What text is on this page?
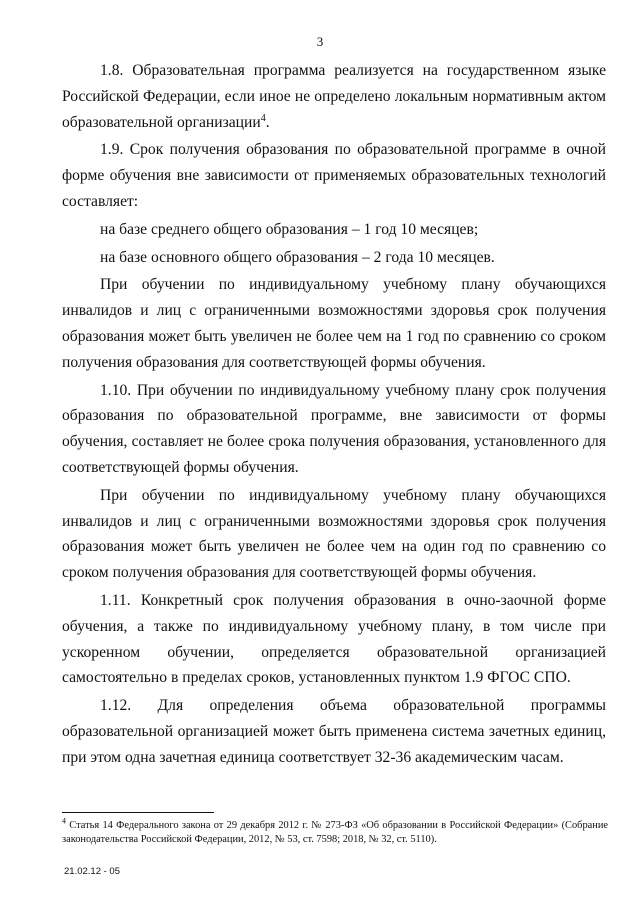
3

1.8. Образовательная программа реализуется на государственном языке Российской Федерации, если иное не определено локальным нормативным актом образовательной организации$^4$.

1.9. Срок получения образования по образовательной программе в очной форме обучения вне зависимости от применяемых образовательных технологий составляет:

на базе среднего общего образования – 1 год 10 месяцев;

на базе основного общего образования – 2 года 10 месяцев.

При обучении по индивидуальному учебному плану обучающихся инвалидов и лиц с ограниченными возможностями здоровья срок получения образования может быть увеличен не более чем на 1 год по сравнению со сроком получения образования для соответствующей формы обучения.

1.10. При обучении по индивидуальному учебному плану срок получения образования по образовательной программе, вне зависимости от формы обучения, составляет не более срока получения образования, установленного для соответствующей формы обучения.

При обучении по индивидуальному учебному плану обучающихся инвалидов и лиц с ограниченными возможностями здоровья срок получения образования может быть увеличен не более чем на один год по сравнению со сроком получения образования для соответствующей формы обучения.

1.11. Конкретный срок получения образования в очно-заочной форме обучения, а также по индивидуальному учебному плану, в том числе при ускоренном обучении, определяется образовательной организацией самостоятельно в пределах сроков, установленных пунктом 1.9 ФГОС СПО.

1.12. Для определения объема образовательной программы образовательной организацией может быть применена система зачетных единиц, при этом одна зачетная единица соответствует 32-36 академическим часам.

$^4$ Статья 14 Федерального закона от 29 декабря 2012 г. № 273-ФЗ «Об образовании в Российской Федерации» (Собрание законодательства Российской Федерации, 2012, № 53, ст. 7598; 2018, № 32, ст. 5110).
21.02.12 - 05
